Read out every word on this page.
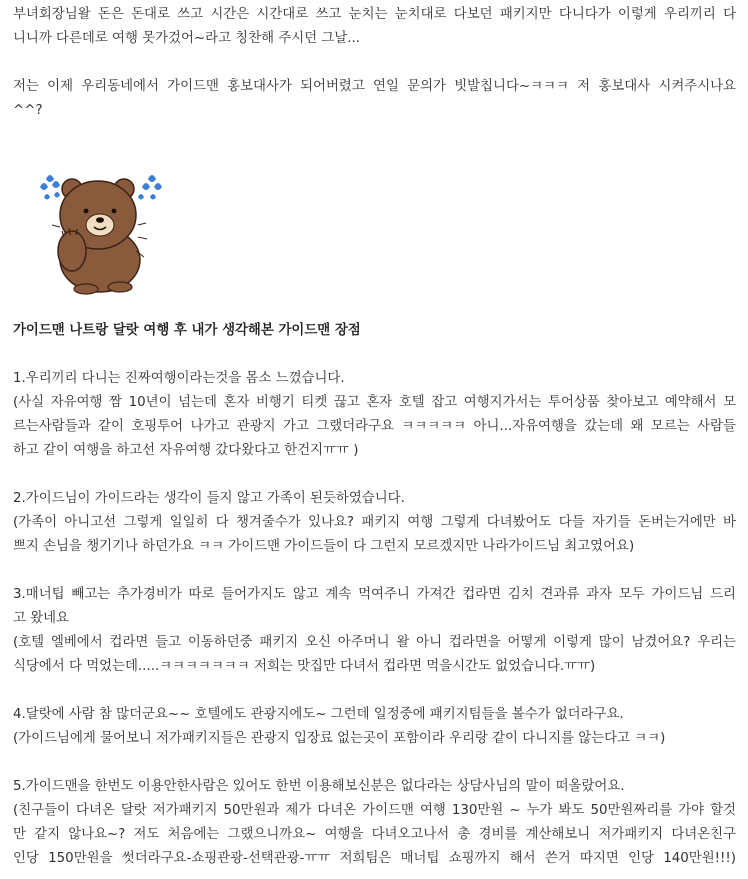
부녀회장님왈 돈은 돈대로 쓰고 시간은 시간대로 쓰고 눈치는 눈치대로 다보던 패키지만 다니다가 이렇게 우리끼리 다
니니까 다른데로 여행 못가겄어~라고 칭찬해 주시던 그날...
저는 이제 우리동네에서 가이드맨 홍보대사가 되어버렸고 연일 문의가 빗발칩니다~ㅋㅋㅋ 저 홍보대사 시켜주시나요
^^?
가이드맨 나트랑 달랏 여행 후 내가 생각해본 가이드맨 장점
1.우리끼리 다니는 진짜여행이라는것을 몸소 느꼈습니다.
(사실 자유여행 짬 10년이 넘는데 혼자 비행기 티켓 끊고 혼자 호텔 잡고 여행지가서는 투어상품 찾아보고 예약해서 모
르는사람들과 같이 호핑투어 나가고 관광지 가고 그랬더라구요 ㅋㅋㅋㅋㅋ 아니...자유여행을 갔는데 왜 모르는 사람들
하고 같이 여행을 하고선 자유여행 갔다왔다고 한건지ㅠㅠ )
2.가이드님이 가이드라는 생각이 들지 않고 가족이 된듯하였습니다.
(가족이 아니고선 그렇게 일일히 다 챙겨줄수가 있나요? 패키지 여행 그렇게 다녀봤어도 다들 자기들 돈버는거에만 바
쁘지 손님을 챙기기나 하던가요 ㅋㅋ 가이드맨 가이드들이 다 그런지 모르겠지만 나라가이드님 최고였어요)
3.매너팁 빼고는 추가경비가 따로 들어가지도 않고 계속 먹여주니 가져간 컵라면 김치 견과류 과자 모두 가이드님 드리
고 왔네요
(호텔 엘베에서 컵라면 들고 이동하던중 패키지 오신 아주머니 왈 아니 컵라면을 어떻게 이렇게 많이 남겼어요? 우리는
식당에서 다 먹었는데.....ㅋㅋㅋㅋㅋㅋㅋ 저희는 맛집만 다녀서 컵라면 먹을시간도 없었습니다.ㅠㅠ)
4.달랏에 사람 참 많더군요~~ 호텔에도 관광지에도~ 그런데 일정중에 패키지팀들을 볼수가 없더라구요.
(가이드님에게 물어보니 저가패키지들은 관광지 입장료 없는곳이 포함이라 우리랑 같이 다니지를 않는다고 ㅋㅋ)
5.가이드맨을 한번도 이용안한사람은 있어도 한번 이용해보신분은 없다라는 상담사님의 말이 떠올랐어요.
(친구들이 다녀온 달랏 저가패키지 50만원과 제가 다녀온 가이드맨 여행 130만원 ~ 누가 봐도 50만원짜리를 가야 할것
만 같지 않나요~? 저도 처음에는 그랬으니까요~ 여행을 다녀오고나서 총 경비를 계산해보니 저가패키지 다녀온친구
인당 150만원을 썻더라구요-쇼핑관광-선택관광-ㅠㅠ 저희팀은 매너팁 쇼핑까지 해서 쓴거 따지면 인당 140만원!!!)
